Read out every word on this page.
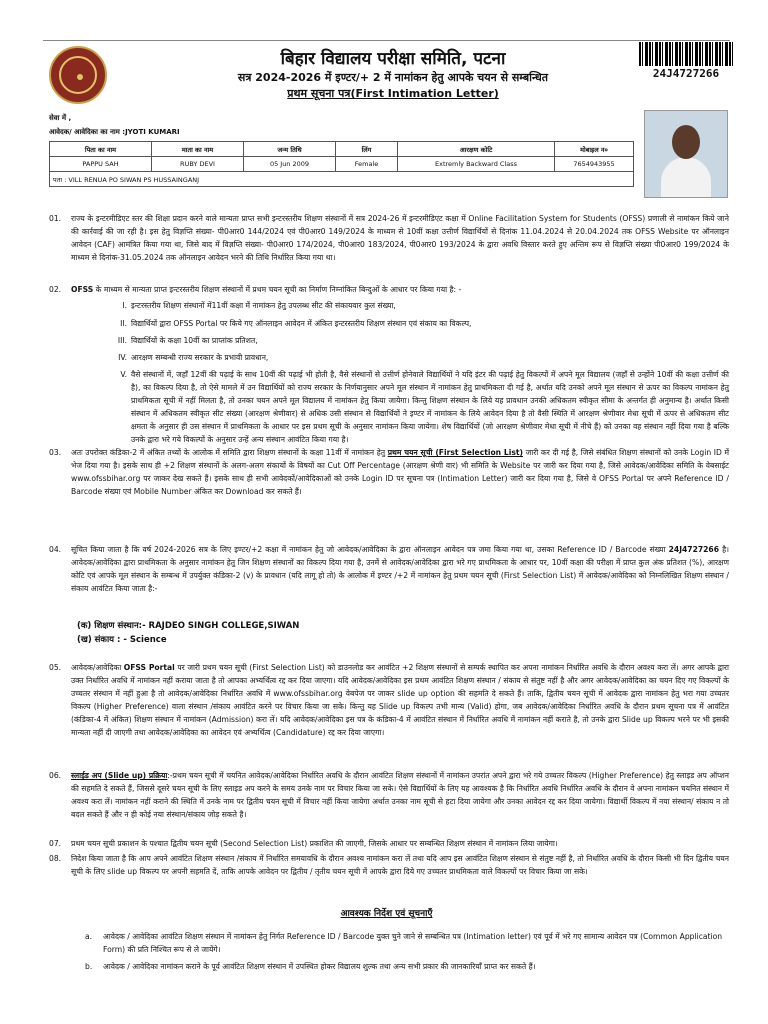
बिहार विद्यालय परीक्षा समिति, पटना
सत्र 2024-2026 में इण्टर/+ 2 में नामांकन हेतु आपके चयन से सम्बन्धित
प्रथम सूचना पत्र(First Intimation Letter)
24J4727266
सेवा में ,
आवेदक/ आवेदिका का नाम :JYOTI KUMARI
पिता का नाम	माता का नाम	जन्म तिथि	लिंग	आरक्षण कोटि	मोबाइल न०
PAPPU SAH	RUBY DEVI	05 Jun 2009	Female	Extremly Backward Class	7654943955
पता : VILL RENUA PO SIWAN PS HUSSAINGANJ					
01. राज्य के इन्टरमीडिएट स्तर की शिक्षा प्रदान करने वाले मान्यता प्राप्त सभी इन्टरस्तरीय शिक्षण संस्थानों में सत्र 2024-26 में इन्टरमीडिएट कक्षा में Online Facilitation System for Students (OFSS) प्रणाली से नामांकन किये जाने की कार्रवाई की जा रही है। इस हेतु विज्ञप्ति संख्या- पी0आर0 144/2024 एवं पी0आर0 149/2024 के माध्यम से 10वीं कक्षा उत्तीर्ण विद्यार्थियों से दिनांक 11.04.2024 से 20.04.2024 तक OFSS Website पर ऑनलाइन आवेदन (CAF) आमंत्रित किया गया था, जिसे बाद में विज्ञप्ति संख्या- पी0आर0 174/2024, पी0आर0 183/2024, पी0आर0 193/2024 के द्वारा अवधि विस्तार करते हुए अन्तिम रूप से विज्ञप्ति संख्या पी0आर0 199/2024 के माध्यम से दिनांक-31.05.2024 तक ऑनलाइन आवेदन भरने की तिथि निर्धारित किया गया था।
02. OFSS के माध्यम से मान्यता प्राप्त इन्टरस्तरीय शिक्षण संस्थानों में प्रथम चयन सूची का निर्माण निम्नांकित बिन्दुओं के आधार पर किया गया है: -
I. इन्टरस्तरीय शिक्षण संस्थानों में11वीं कक्षा में नामांकन हेतु उपलब्ध सीट की संकायवार कुल संख्या,
II. विद्यार्थियों द्वारा OFSS Portal पर किये गए ऑनलाइन आवेदन में अंकित इन्टरस्तरीय शिक्षण संस्थान एवं संकाय का विकल्प,
III. विद्यार्थियों के कक्षा 10वीं का प्राप्तांक प्रतिशत,
IV. आरक्षण सम्बन्धी राज्य सरकार के प्रभावी प्रावधान,
V. वैसे संस्थानों में, जहाँ 12वीं की पढ़ाई के साथ 10वीं की पढ़ाई भी होती है, वैसे संस्थानों से उत्तीर्ण होनेवाले विद्यार्थियों ने यदि इंटर की पढ़ाई हेतु विकल्पों में अपने मूल विद्यालय (जहाँ से उन्होंने 10वीं की कक्षा उत्तीर्ण की है), का विकल्प दिया है, तो ऐसे मामले में उन विद्यार्थियों को राज्य सरकार के निर्णयानुसार अपने मूल संस्थान में नामांकन हेतु प्राथमिकता दी गई है, अर्थात यदि उनको अपने मूल संस्थान से ऊपर का विकल्प नामांकन हेतु प्राथमिकता सूची में नहीं मिलता है, तो उनका चयन अपने मूल विद्यालय में नामांकन हेतु किया जायेगा। किन्तु शिक्षण संस्थान के लिये यह प्रावधान उनकी अधिकतम स्वीकृत सीमा के अन्तर्गत ही अनुमान्य है। अर्थात किसी संस्थान में अधिकतम स्वीकृत सीट संख्या (आरक्षण श्रेणीवार) से अधिक उसी संस्थान से विद्यार्थियों ने इण्टर में नामांकन के लिये आवेदन दिया है तो वैसी स्थिति में आरक्षण श्रेणीवार मेधा सूची में ऊपर से अधिकतम सीट क्षमता के अनुसार ही उस संस्थान में प्राथमिकता के आधार पर इस प्रथम सूची के अनुसार नामांकन किया जायेगा। शेष विद्यार्थियों (जो आरक्षण श्रेणीवार मेधा सूची में नीचे हैं) को उनका वह संस्थान नहीं दिया गया है बल्कि उनके द्वारा भरे गये विकल्पों के अनुसार उन्हें अन्य संस्थान आवंटित किया गया है।
03. अतः उपरोक्त कंडिका-2 में अंकित तथ्यों के आलोक में समिति द्वारा शिक्षण संस्थानों के कक्षा 11वीं में नामांकन हेतु प्रथम चयन सूची (First Selection List) जारी कर दी गई है, जिसे संबंधित शिक्षण संस्थानों को उनके Login ID में भेज दिया गया है। इसके साथ ही +2 शिक्षण संस्थानों के अलग-अलग संकायों के विषयों का Cut Off Percentage (आरक्षण श्रेणी वार) भी समिति के Website पर जारी कर दिया गया है, जिसे आवेदक/आवेदिका समिति के वेबसाईट www.ofssbihar.org पर जाकर देख सकते हैं। इसके साथ ही सभी आवेदकों/आवेदिकाओं को उनके Login ID पर सूचना पत्र (Intimation Letter) जारी कर दिया गया है, जिसे वे OFSS Portal पर अपने Reference ID / Barcode संख्या एवं Mobile Number अंकित कर Download कर सकते हैं।
04. सूचित किया जाता है कि वर्ष 2024-2026 सत्र के लिए इण्टर/+2 कक्षा में नामांकन हेतु जो आवेदक/आवेदिका के द्वारा ऑनलाइन आवेदन पत्र जमा किया गया था, उसका Reference ID / Barcode संख्या 24J4727266 है। आवेदक/आवेदिका द्वारा प्राथमिकता के अनुसार नामांकन हेतु जिन शिक्षण संस्थानों का विकल्प दिया गया है, उनमें से आवेदक/आवेदिका द्वारा भरे गए प्राथमिकता के आधार पर, 10वीं कक्षा की परीक्षा में प्राप्त कुल अंक प्रतिशत (%), आरक्षण कोटि एवं आपके मूल संस्थान के सम्बन्ध में उपर्युक्त कंडिका-2 (v) के प्रावधान (यदि लागू हो तो) के आलोक में इण्टर /+2 में नामांकन हेतु प्रथम चयन सूची (First Selection List) में आवेदक/आवेदिका को निम्नलिखित शिक्षण संस्थान / संकाय आवंटित किया जाता है:-
(क) शिक्षण संस्थान:- RAJDEO SINGH COLLEGE,SIWAN
(ख) संकाय : - Science
05. आवेदक/आवेदिका OFSS Portal पर जारी प्रथम चयन सूची (First Selection List) को डाउनलोड कर आवंटित +2 शिक्षण संस्थानों से सम्पर्क स्थापित कर अपना नामांकन निर्धारित अवधि के दौरान अवश्य करा लें। अगर आपके द्वारा उक्त निर्धारित अवधि में नामांकन नहीं कराया जाता है तो आपका अभ्यर्थित्व रद्द कर दिया जाएगा। यदि आवेदक/आवेदिका इस प्रथम आवंटित शिक्षण संस्थान / संकाय से संतुष्ट नहीं है और अगर आवेदक/आवेदिका का चयन दिए गए विकल्पों के उच्चतर संस्थान में नहीं हुआ है तो आवेदक/आवेदिका निर्धारित अवधि में www.ofssbihar.org वेबपेज पर जाकर slide up option की सहमति दे सकते हैं। ताकि, द्वितीय चयन सूची में आवेदक द्वारा नामांकन हेतु भरा गया उच्चतर विकल्प (Higher Preference) वाला संस्थान /संकाय आवंटित करने पर विचार किया जा सके। किन्तु यह Slide up विकल्प तभी मान्य (Valid) होगा, जब आवेदक/आवेदिका निर्धारित अवधि के दौरान प्रथम सूचना पत्र में आवंटित (कंडिका-4 में अंकित) शिक्षण संस्थान में नामांकन (Admission) करा लें। यदि आवेदक/आवेदिका इस पत्र के कंडिका-4 में आवंटित संस्थान में निर्धारित अवधि में नामांकन नहीं कराते है, तो उनके द्वारा Slide up विकल्प भरने पर भी इसकी मान्यता नहीं दी जाएगी तथा आवेदक/आवेदिका का आवेदन एवं अभ्यर्थित्व (Candidature) रद्द कर दिया जाएगा।
06. स्लाईड अप (Slide up) प्रक्रिया:-प्रथम चयन सूची में चयनित आवेदक/आवेदिका निर्धारित अवधि के दौरान आवंटित शिक्षण संस्थानों में नामांकन उपरांत अपने द्वारा भरे गये उच्चतर विकल्प (Higher Preference) हेतु स्लाइड अप ऑप्शन की सहमति दे सकते हैं, जिससे दूसरे चयन सूची के लिए स्लाइड अप करने के समय उनके नाम पर विचार किया जा सके। ऐसे विद्यार्थियों के लिए यह आवश्यक है कि निर्धारित अवधि निर्धारित अवधि के दौरान वे अपना नामांकन चयनित संस्थान में अवश्य करा लें। नामांकन नहीं कराने की स्थिति में उनके नाम पर द्वितीय चयन सूची में विचार नहीं किया जायेगा अर्थात उनका नाम सूची से हटा दिया जायेगा और उनका आवेदन रद्द कर दिया जायेगा। विद्यार्थी विकल्प में नया संस्थान/ संकाय न तो बदल सकते हैं और न ही कोई नया संस्थान/संकाय जोड़ सकते है।
07. प्रथम चयन सूची प्रकाशन के पश्चात द्वितीय चयन सूची (Second Selection List) प्रकाशित की जाएगी, जिसके आधार पर सम्बन्धित शिक्षण संस्थान में नामांकन लिया जायेगा।
08. निदेश किया जाता है कि आप अपने आवंटित शिक्षण संस्थान /संकाय में निर्धारित समयावधि के दौरान अवश्य नामांकन करा लें तथा यदि आप इस आवंटित शिक्षण संस्थान से संतुष्ट नहीं है, तो निर्धारित अवधि के दौरान किसी भी दिन द्वितीय चयन सूची के लिए slide up विकल्प पर अपनी सहमति दें, ताकि आपके आवेदन पर द्वितीय / तृतीय चयन सूची में आपके द्वारा दिये गए उच्चतर प्राथमिकता वाले विकल्पों पर विचार किया जा सके।
आवश्यक निर्देश एवं सूचनाएँ
a.	आवेदक / आवेदिका आवंटित शिक्षण संस्थान में नामांकन हेतु निर्गत Reference ID / Barcode युक्त चुने जाने से सम्बन्धित पत्र (Intimation letter) एवं पूर्व में भरे गए सामान्य आवेदन पत्र (Common Application Form) की प्रति निश्चित रूप से ले जायेंगे।
b.	आवेदक / आवेदिका नामांकन कराने के पूर्व आवंटित शिक्षण संस्थान में उपस्थित होकर विद्यालय शुल्क तथा अन्य सभी प्रकार की जानकारियाँ प्राप्त कर सकते हैं।
